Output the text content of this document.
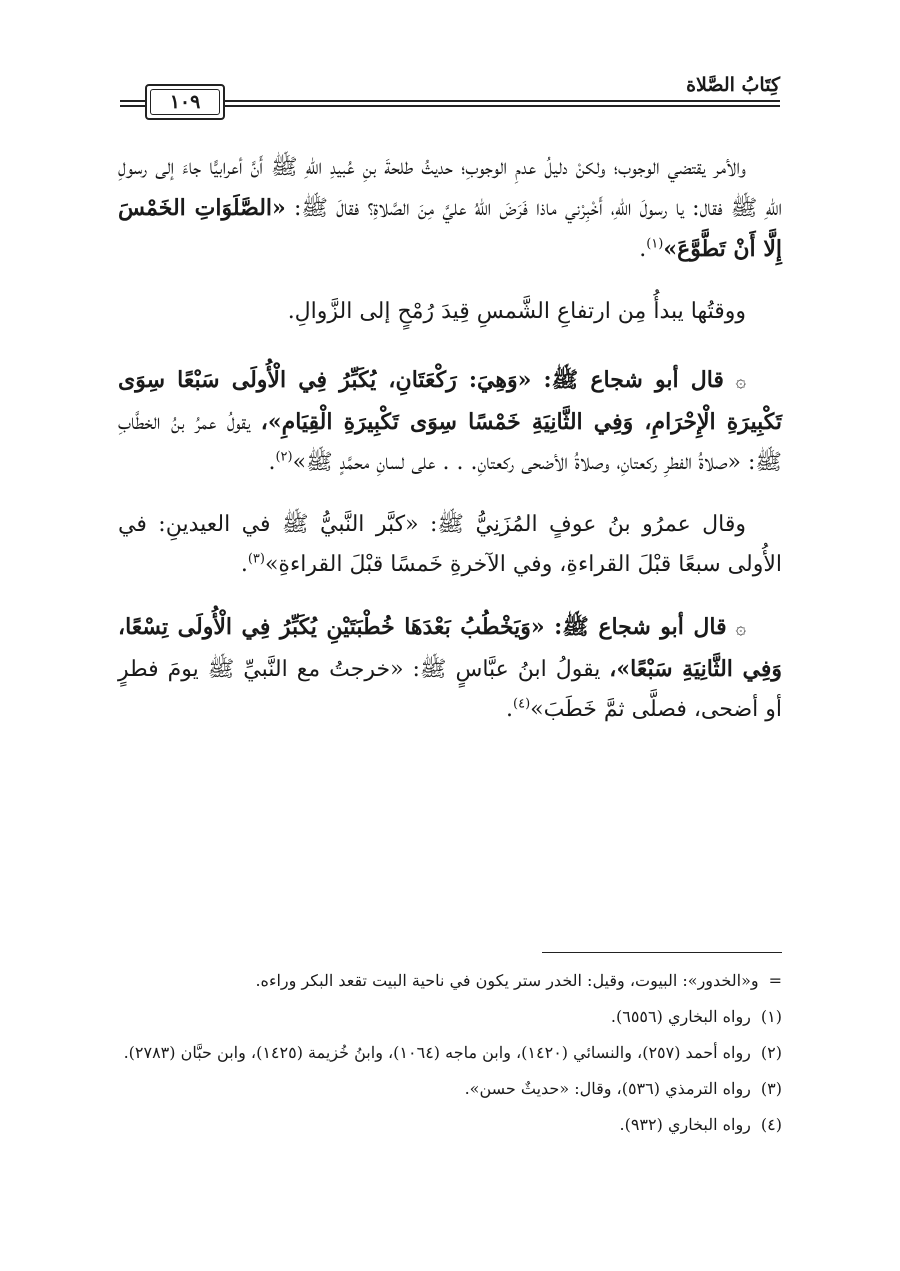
كِتَابُ الصَّلاة
١٠٩

والأمر يقتضي الوجوب؛ ولكنْ دليلُ عدمِ الوجوبِ؛ حديثُ طلحةَ بنِ عُبيدِ اللهِ ﷺ أَنَّ أعرابيًّا جاءَ إلى رسولِ اللهِ ﷺ فقال: يا رسولَ اللهِ، أَخْبِرْني ماذا فَرَضَ اللهُ عليَّ مِنَ الصَّلاةِ؟ فقالَ ﷺ: «الصَّلَوَاتِ الخَمْسَ إِلَّا أَنْ تَطَّوَّعَ»$^{(١)}$.

ووقتُها يبدأُ مِن ارتفاعِ الشَّمسِ قِيدَ رُمْحٍ إلى الزَّوالِ.

۞ قال أبو شجاع ﷺ: «وَهِيَ: رَكْعَتَانِ، يُكَبِّرُ فِي الْأُولَى سَبْعًا سِوَى تَكْبِيرَةِ الْإِحْرَامِ، وَفِي الثَّانِيَةِ خَمْسًا سِوَى تَكْبِيرَةِ الْقِيَامِ»، يقولُ عمرُ بنُ الخطَّابِ ﷺ: «صلاةُ الفطرِ ركعتانِ، وصلاةُ الأضحى ركعتانِ. . . على لسانِ محمَّدٍ ﷺ»$^{(٢)}$.

وقال عمرُو بنُ عوفٍ المُزَنِيُّ ﷺ: «كبَّر النَّبيُّ ﷺ في العيدينِ: في الأُولى سبعًا قبْلَ القراءةِ، وفي الآخرةِ خَمسًا قبْلَ القراءةِ»$^{(٣)}$.

۞ قال أبو شجاع ﷺ: «وَيَخْطُبُ بَعْدَهَا خُطْبَتَيْنِ يُكَبِّرُ فِي الْأُولَى تِسْعًا، وَفِي الثَّانِيَةِ سَبْعًا»، يقولُ ابنُ عبَّاسٍ ﷺ: «خرجتُ مع النَّبيِّ ﷺ يومَ فطرٍ أو أضحى، فصلَّى ثمَّ خَطَبَ»$^{(٤)}$.

=و«الخدور»: البيوت، وقيل: الخدر ستر يكون في ناحية البيت تقعد البكر وراءه.
(١)رواه البخاري (٦٥٥٦).
(٢)رواه أحمد (٢٥٧)، والنسائي (١٤٢٠)، وابن ماجه (١٠٦٤)، وابنُ خُزيمة (١٤٢٥)، وابن حبَّان (٢٧٨٣).
(٣)رواه الترمذي (٥٣٦)، وقال: «حديثٌ حسن».
(٤)رواه البخاري (٩٣٢).
